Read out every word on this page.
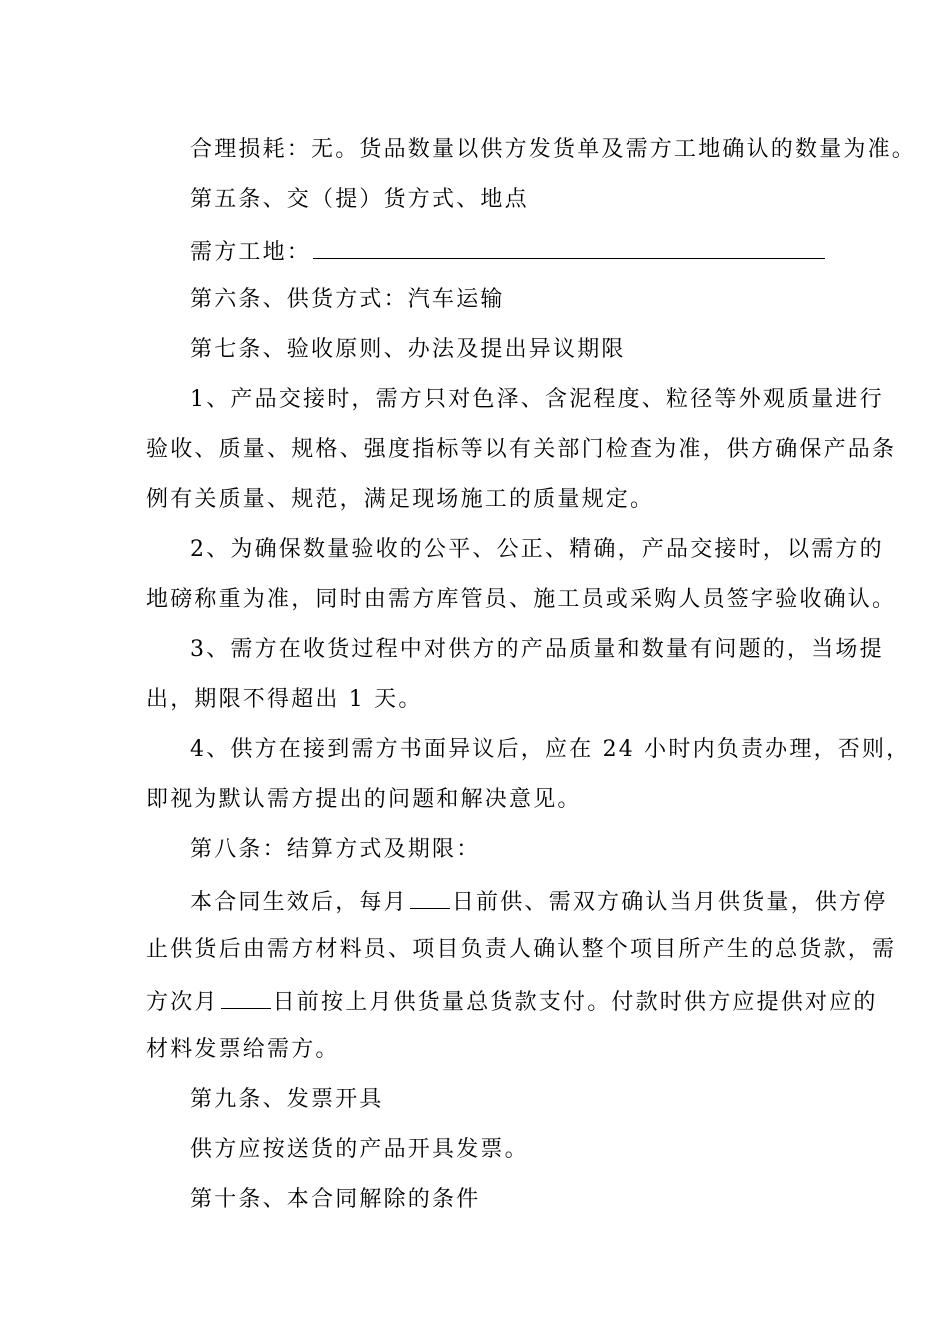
合理损耗：无。货品数量以供方发货单及需方工地确认的数量为准。
第五条、交（提）货方式、地点
需方工地：
第六条、供货方式：汽车运输
第七条、验收原则、办法及提出异议期限
1、产品交接时，需方只对色泽、含泥程度、粒径等外观质量进行
验收、质量、规格、强度指标等以有关部门检查为准，供方确保产品条
例有关质量、规范，满足现场施工的质量规定。
2、为确保数量验收的公平、公正、精确，产品交接时，以需方的
地磅称重为准，同时由需方库管员、施工员或采购人员签字验收确认。
3、需方在收货过程中对供方的产品质量和数量有问题的，当场提
出，期限不得超出 1 天。
4、供方在接到需方书面异议后，应在 24 小时内负责办理，否则，
即视为默认需方提出的问题和解决意见。
第八条：结算方式及期限：
本合同生效后，每月 日前供、需双方确认当月供货量，供方停
止供货后由需方材料员、项目负责人确认整个项目所产生的总货款，需
方次月 日前按上月供货量总货款支付。付款时供方应提供对应的
材料发票给需方。
第九条、发票开具
供方应按送货的产品开具发票。
第十条、本合同解除的条件
